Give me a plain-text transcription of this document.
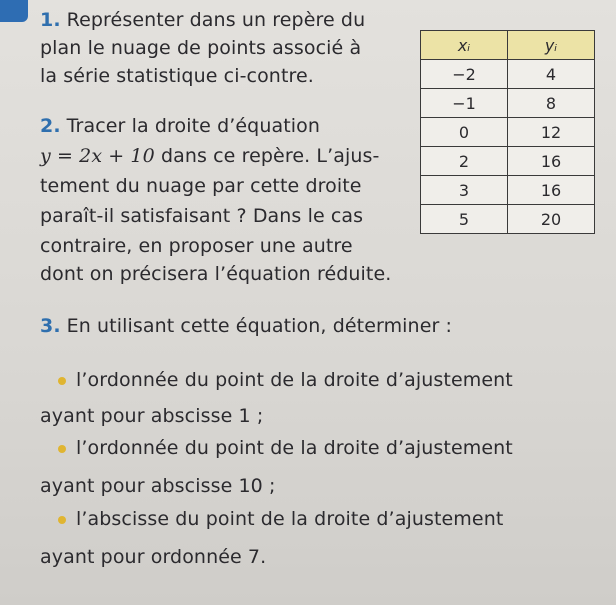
1. Représenter dans un repère du
plan le nuage de points associé à
la série statistique ci-contre.
2. Tracer la droite d’équation
y = 2x + 10 dans ce repère. L’ajus-
tement du nuage par cette droite
paraît-il satisfaisant ? Dans le cas
contraire, en proposer une autre
dont on précisera l’équation réduite.
xᵢ	yᵢ
−2	4
−1	8
0	12
2	16
3	16
5	20
3. En utilisant cette équation, déterminer :
l’ordonnée du point de la droite d’ajustement
ayant pour abscisse 1 ;
l’ordonnée du point de la droite d’ajustement
ayant pour abscisse 10 ;
l’abscisse du point de la droite d’ajustement
ayant pour ordonnée 7.
